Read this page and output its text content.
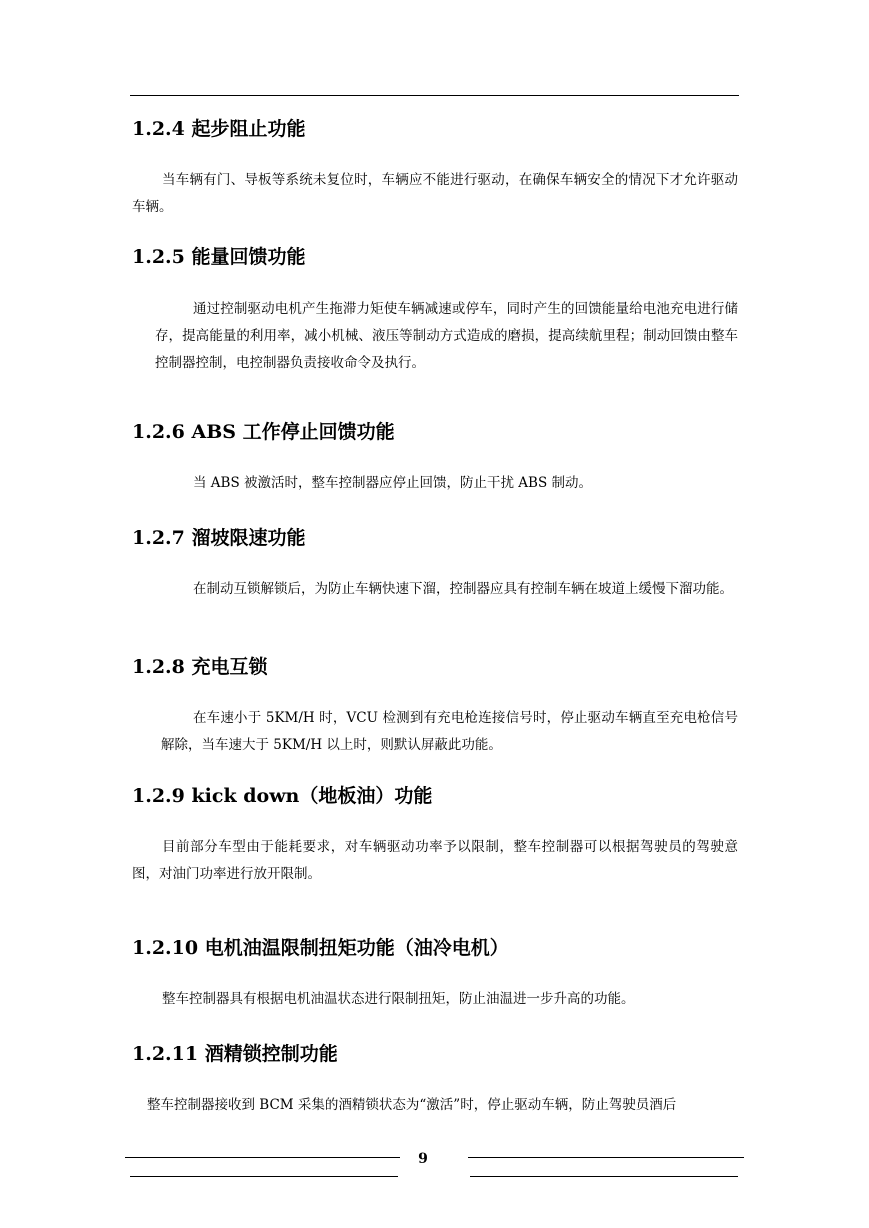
1.2.4 起步阻止功能
当车辆有门、导板等系统未复位时，车辆应不能进行驱动，在确保车辆安全的情况下才允许驱动车辆。
1.2.5 能量回馈功能
通过控制驱动电机产生拖滞力矩使车辆减速或停车，同时产生的回馈能量给电池充电进行储存，提高能量的利用率，减小机械、液压等制动方式造成的磨损，提高续航里程；制动回馈由整车控制器控制，电控制器负责接收命令及执行。
1.2.6 ABS 工作停止回馈功能
当 ABS 被激活时，整车控制器应停止回馈，防止干扰 ABS 制动。
1.2.7 溜坡限速功能
在制动互锁解锁后，为防止车辆快速下溜，控制器应具有控制车辆在坡道上缓慢下溜功能。
1.2.8 充电互锁
在车速小于 5KM/H 时，VCU 检测到有充电枪连接信号时，停止驱动车辆直至充电枪信号解除，当车速大于 5KM/H 以上时，则默认屏蔽此功能。
1.2.9 kick down（地板油）功能
目前部分车型由于能耗要求，对车辆驱动功率予以限制，整车控制器可以根据驾驶员的驾驶意图，对油门功率进行放开限制。
1.2.10 电机油温限制扭矩功能（油冷电机）
整车控制器具有根据电机油温状态进行限制扭矩，防止油温进一步升高的功能。
1.2.11 酒精锁控制功能
整车控制器接收到 BCM 采集的酒精锁状态为“激活”时，停止驱动车辆，防止驾驶员酒后
9
